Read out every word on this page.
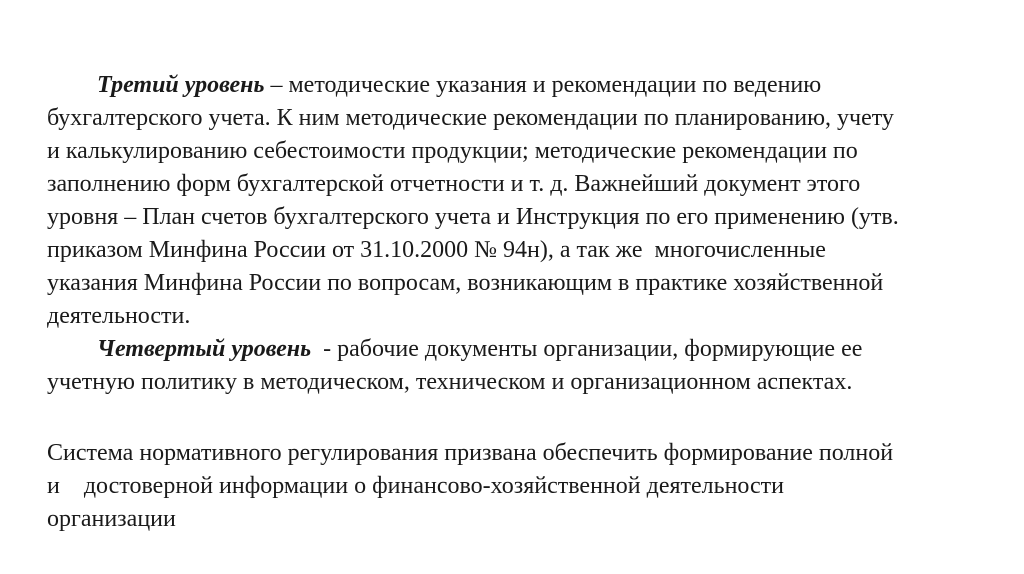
Третий уровень – методические указания и рекомендации по ведению
бухгалтерского учета. К ним методические рекомендации по планированию, учету
и калькулированию себестоимости продукции; методические рекомендации по
заполнению форм бухгалтерской отчетности и т. д. Важнейший документ этого
уровня – План счетов бухгалтерского учета и Инструкция по его применению (утв.
приказом Минфина России от 31.10.2000 № 94н), а так же  многочисленные
указания Минфина России по вопросам, возникающим в практике хозяйственной
деятельности.
Четвертый уровень  - рабочие документы организации, формирующие ее
учетную политику в методическом, техническом и организационном аспектах.
Система нормативного регулирования призвана обеспечить формирование полной
и    достоверной информации о финансово-хозяйственной деятельности
организации
